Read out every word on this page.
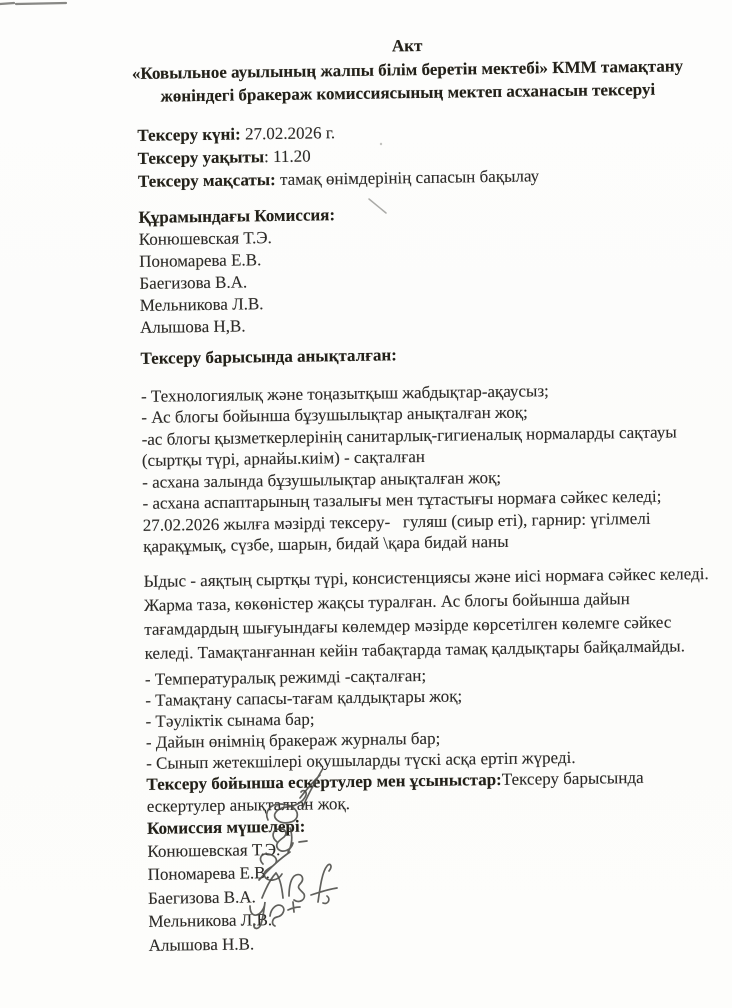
Акт
«Ковыльное ауылының жалпы білім беретін мектебі» КММ тамақтану
жөніндегі бракераж комиссиясының мектеп асханасын тексеруі
Тексеру күні: 27.02.2026 г.
Тексеру уақыты: 11.20
Тексеру мақсаты: тамақ өнімдерінің сапасын бақылау
Құрамындағы Комиссия:
Конюшевская Т.Э.
Пономарева Е.В.
Баегизова В.А.
Мельникова Л.В.
Алышова Н,В.
Тексеру барысында анықталған:
- Технологиялық және тоңазытқыш жабдықтар-ақаусыз;
- Ас блогы бойынша бұзушылықтар анықталған жоқ;
-ас блогы қызметкерлерінің санитарлық-гигиеналық нормаларды сақтауы (сыртқы түрі, арнайы.киім) - сақталған
- асхана залында бұзушылықтар анықталған жоқ;
- асхана аспаптарының тазалығы мен тұтастығы нормаға сәйкес келеді;
27.02.2026 жылға мәзірді тексеру-   гуляш (сиыр еті), гарнир: үгілмелі қарақұмық, сүзбе, шарын, бидай \қара бидай наны
Ыдыс - аяқтың сыртқы түрі, консистенциясы және иісі нормаға сәйкес келеді. Жарма таза, көкөністер жақсы туралған. Ас блогы бойынша дайын тағамдардың шығуындағы көлемдер мәзірде көрсетілген көлемге сәйкес келеді. Тамақтанғаннан кейін табақтарда тамақ қалдықтары байқалмайды.
- Температуралық режимді -сақталған;
- Тамақтану сапасы-тағам қалдықтары жоқ;
- Тәуліктік сынама бар;
- Дайын өнімнің бракераж журналы бар;
- Сынып жетекшілері оқушыларды түскі асқа ертіп жүреді.
Тексеру бойынша ескертулер мен ұсыныстар:Тексеру барысында ескертулер анықталған жоқ.
Комиссия мүшелері:
Конюшевская Т.Э.
Пономарева Е.В.
Баегизова В.А.
Мельникова Л.В.
Алышова Н.В.
